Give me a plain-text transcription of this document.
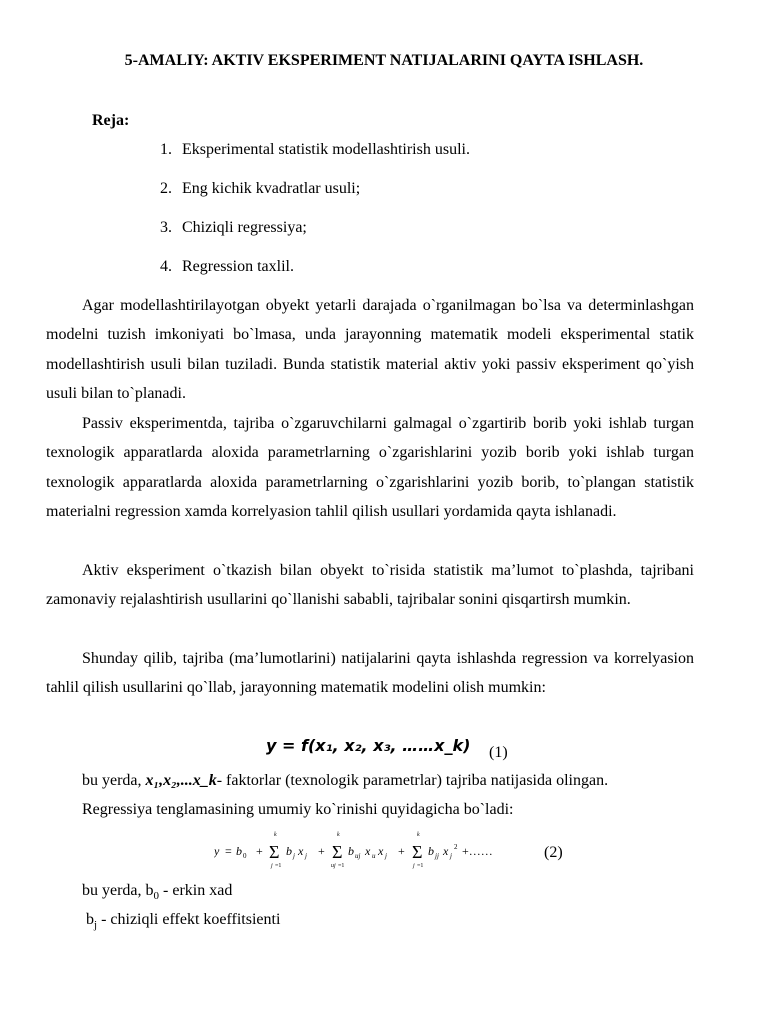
5-AMALIY: AKTIV EKSPERIMENT NATIJALARINI QAYTA ISHLASH.
Reja:
1. Eksperimental statistik modellashtirish usuli.
2. Eng kichik kvadratlar usuli;
3. Chiziqli regressiya;
4. Regression taxlil.

Agar modellashtirilayotgan obyekt yetarli darajada o`rganilmagan bo`lsa va determinlashgan modelni tuzish imkoniyati bo`lmasa, unda jarayonning matematik modeli eksperimental statik modellashtirish usuli bilan tuziladi. Bunda statistik material aktiv yoki passiv eksperiment qo`yish usuli bilan to`planadi.

Passiv eksperimentda, tajriba o`zgaruvchilarni galmagal o`zgartirib borib yoki ishlab turgan texnologik apparatlarda aloxida parametrlarning o`zgarishlarini yozib borib yoki ishlab turgan texnologik apparatlarda aloxida parametrlarning o`zgarishlarini yozib borib, to`plangan statistik materialni regression xamda korrelyasion tahlil qilish usullari yordamida qayta ishlanadi.

Aktiv eksperiment o`tkazish bilan obyekt to`risida statistik ma’lumot to`plashda, tajribani zamonaviy rejalashtirish usullarini qo`llanishi sababli, tajribalar sonini qisqartirsh mumkin.

Shunday qilib, tajriba (ma’lumotlarini) natijalarini qayta ishlashda regression va korrelyasion tahlil qilish usullarini qo`llab, jarayonning matematik modelini olish mumkin:

y = f(x₁, x₂, x₃, ……x_k) (1)
bu yerda, x₁,x₂,...x_k- faktorlar (texnologik parametrlar) tajriba natijasida olingan.
Regressiya tenglamasining umumiy ko`rinishi quyidagicha bo`ladi:
y = b 0 +
k
Σ
j =1
b j x j +
k
Σ
uj =1
b uj x u x j +
k
Σ
j =1
b jj x j
2 +……	(2)
bu yerda, $b_0$ - erkin xad
$b_j$ - chiziqli effekt koeffitsienti
